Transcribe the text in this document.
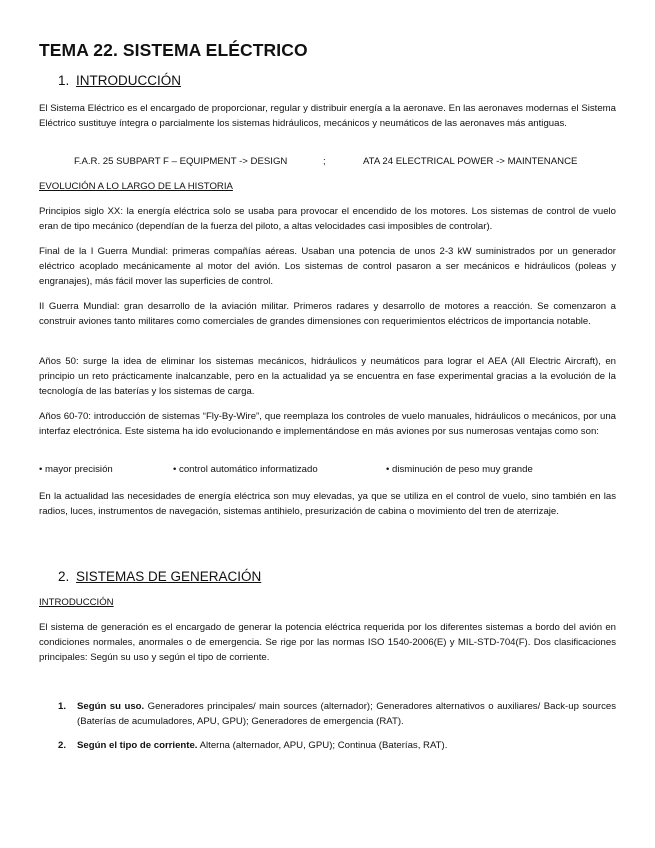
TEMA 22. SISTEMA ELÉCTRICO
1. INTRODUCCIÓN

El Sistema Eléctrico es el encargado de proporcionar, regular y distribuir energía a la aeronave. En las aeronaves modernas el Sistema Eléctrico sustituye íntegra o parcialmente los sistemas hidráulicos, mecánicos y neumáticos de las aeronaves más antiguas.

F.A.R. 25 SUBPART F – EQUIPMENT -> DESIGN	;	ATA 24 ELECTRICAL POWER -> MAINTENANCE

EVOLUCIÓN A LO LARGO DE LA HISTORIA

Principios siglo XX: la energía eléctrica solo se usaba para provocar el encendido de los motores. Los sistemas de control de vuelo eran de tipo mecánico (dependían de la fuerza del piloto, a altas velocidades casi imposibles de controlar).

Final de la I Guerra Mundial: primeras compañías aéreas. Usaban una potencia de unos 2-3 kW suministrados por un generador eléctrico acoplado mecánicamente al motor del avión. Los sistemas de control pasaron a ser mecánicos e hidráulicos (poleas y engranajes), más fácil mover las superficies de control.

II Guerra Mundial: gran desarrollo de la aviación militar. Primeros radares y desarrollo de motores a reacción. Se comenzaron a construir aviones tanto militares como comerciales de grandes dimensiones con requerimientos eléctricos de importancia notable.

Años 50: surge la idea de eliminar los sistemas mecánicos, hidráulicos y neumáticos para lograr el AEA (All Electric Aircraft), en principio un reto prácticamente inalcanzable, pero en la actualidad ya se encuentra en fase experimental gracias a la evolución de la tecnología de las baterías y los sistemas de carga.

Años 60-70: introducción de sistemas “Fly-By-Wire”, que reemplaza los controles de vuelo manuales, hidráulicos o mecánicos, por una interfaz electrónica. Este sistema ha ido evolucionando e implementándose en más aviones por sus numerosas ventajas como son:

• mayor precisión	• control automático informatizado	• disminución de peso muy grande

En la actualidad las necesidades de energía eléctrica son muy elevadas, ya que se utiliza en el control de vuelo, sino también en las radios, luces, instrumentos de navegación, sistemas antihielo, presurización de cabina o movimiento del tren de aterrizaje.

2. SISTEMAS DE GENERACIÓN

INTRODUCCIÓN

El sistema de generación es el encargado de generar la potencia eléctrica requerida por los diferentes sistemas a bordo del avión en condiciones normales, anormales o de emergencia. Se rige por las normas ISO 1540-2006(E) y MIL-STD-704(F). Dos clasificaciones principales: Según su uso y según el tipo de corriente.

1. Según su uso. Generadores principales/ main sources (alternador); Generadores alternativos o auxiliares/ Back-up sources (Baterías de acumuladores, APU, GPU); Generadores de emergencia (RAT).
2. Según el tipo de corriente. Alterna (alternador, APU, GPU); Continua (Baterías, RAT).
